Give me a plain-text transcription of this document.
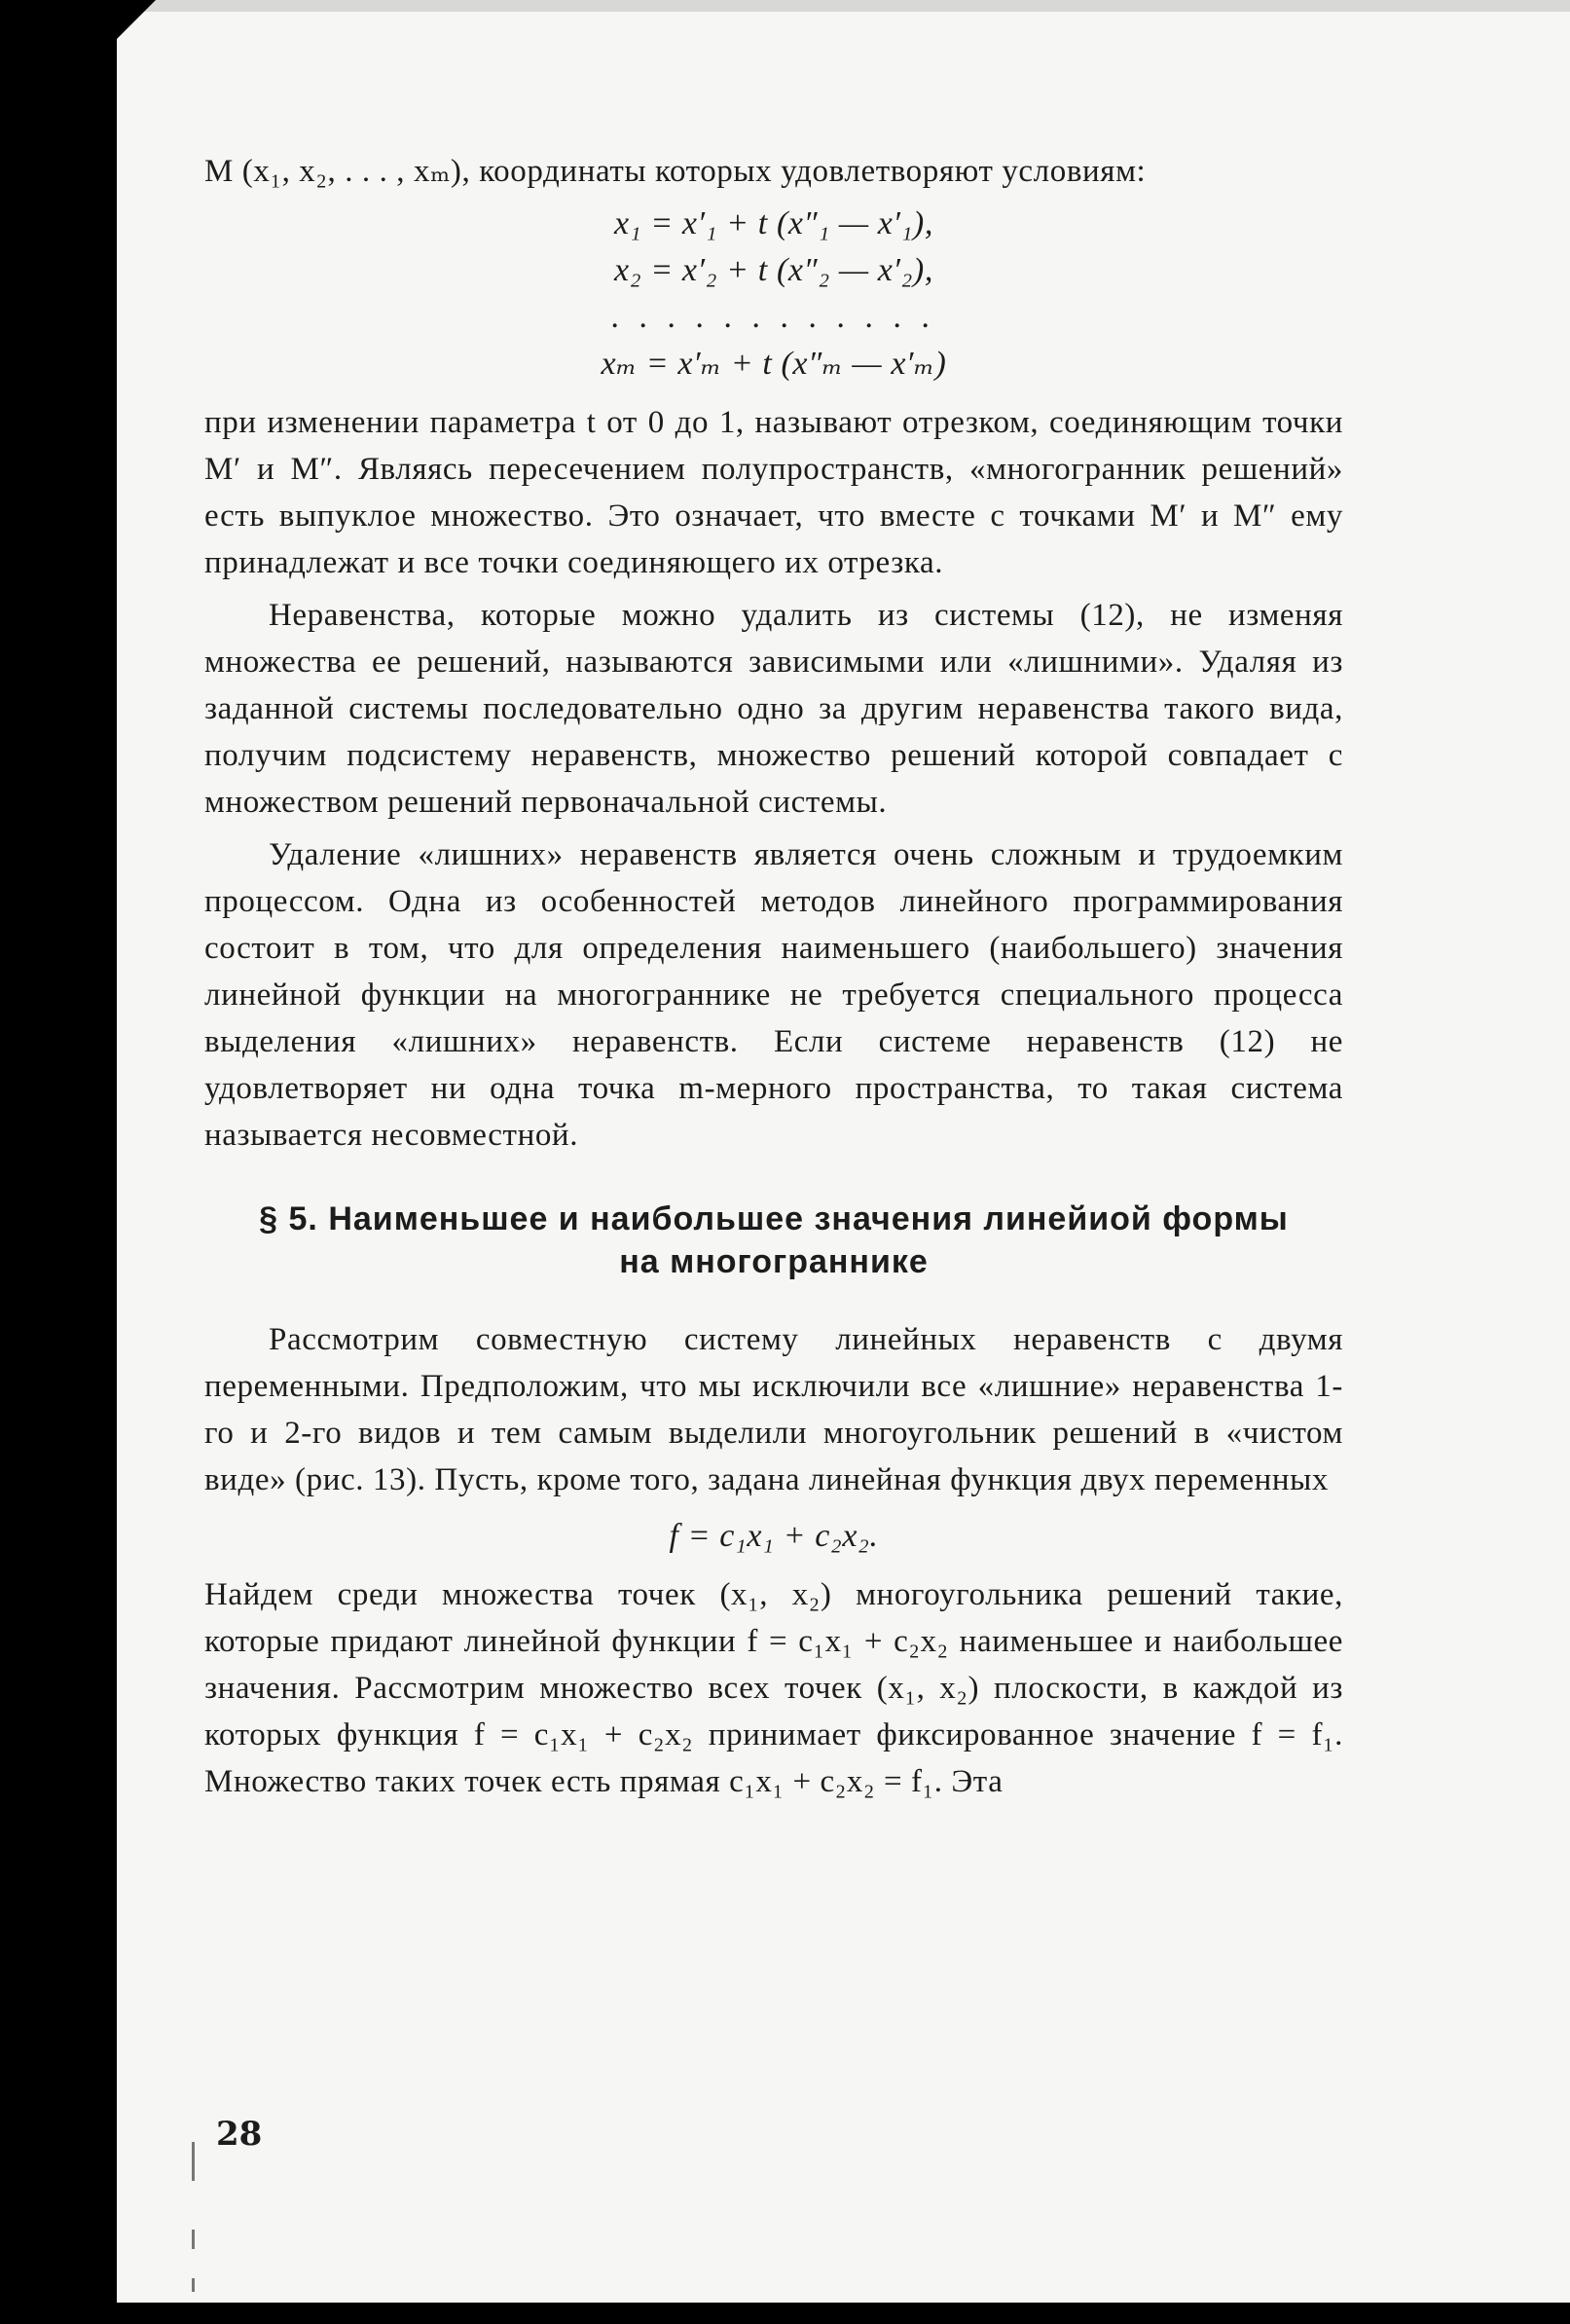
M (x₁, x₂, . . . , xₘ), координаты которых удовлетворяют условиям:

x₁ = x′₁ + t (x″₁ — x′₁),

x₂ = x′₂ + t (x″₂ — x′₂),

. . . . . . . . . . . .

xₘ = x′ₘ + t (x″ₘ — x′ₘ)

при изменении параметра t от 0 до 1, называют отрезком, соединяющим точки M′ и M″. Являясь пересечением полупространств, «многогранник решений» есть выпуклое множество. Это означает, что вместе с точками M′ и M″ ему принадлежат и все точки соединяющего их отрезка.

Неравенства, которые можно удалить из системы (12), не изменяя множества ее решений, называются зависимыми или «лишними». Удаляя из заданной системы последовательно одно за другим неравенства такого вида, получим подсистему неравенств, множество решений которой совпадает с множеством решений первоначальной системы.

Удаление «лишних» неравенств является очень сложным и трудоемким процессом. Одна из особенностей методов линейного программирования состоит в том, что для определения наименьшего (наибольшего) значения линейной функции на многограннике не требуется специального процесса выделения «лишних» неравенств. Если системе неравенств (12) не удовлетворяет ни одна точка m-мерного пространства, то такая система называется несовместной.

§ 5. Наименьшее и наибольшее значения линейиой формы

на многограннике

Рассмотрим совместную систему линейных неравенств с двумя переменными. Предположим, что мы исключили все «лишние» неравенства 1-го и 2-го видов и тем самым выделили многоугольник решений в «чистом виде» (рис. 13). Пусть, кроме того, задана линейная функция двух переменных

f = c₁x₁ + c₂x₂.

Найдем среди множества точек (x₁, x₂) многоугольника решений такие, которые придают линейной функции f = c₁x₁ + c₂x₂ наименьшее и наибольшее значения. Рассмотрим множество всех точек (x₁, x₂) плоскости, в каждой из которых функция f = c₁x₁ + c₂x₂ принимает фиксированное значение f = f₁. Множество таких точек есть прямая c₁x₁ + c₂x₂ = f₁. Эта

28
